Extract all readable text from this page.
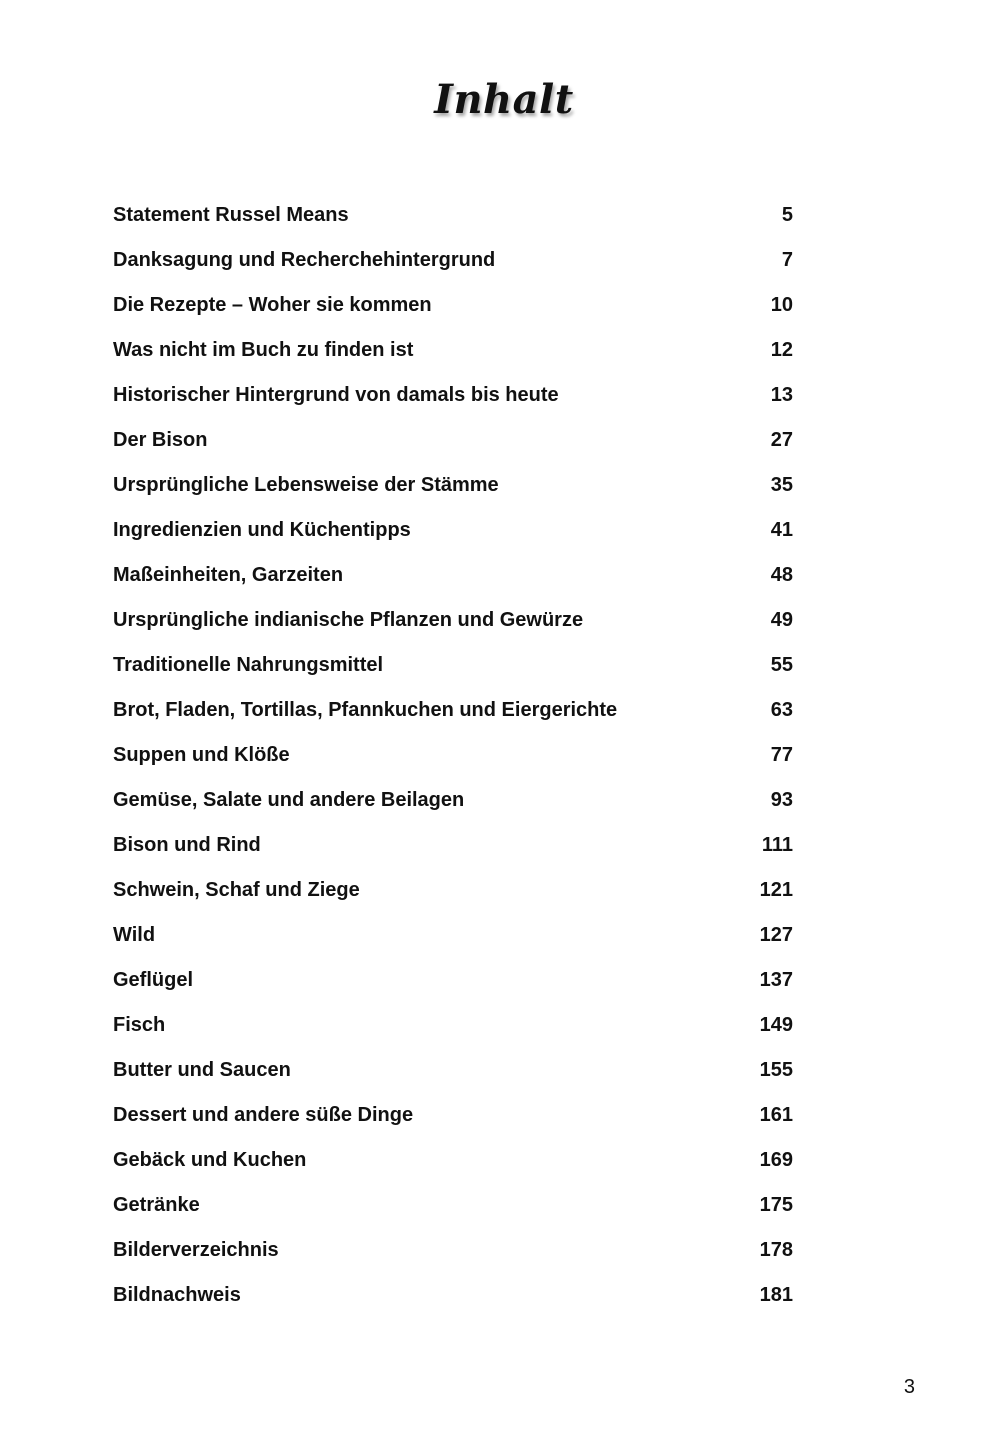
Inhalt
Statement Russel Means	5
Danksagung und Recherchehintergrund	7
Die Rezepte – Woher sie kommen	10
Was nicht im Buch zu finden ist	12
Historischer Hintergrund von damals bis heute	13
Der Bison	27
Ursprüngliche Lebensweise der Stämme	35
Ingredienzien und Küchentipps	41
Maßeinheiten, Garzeiten	48
Ursprüngliche indianische Pflanzen und Gewürze	49
Traditionelle Nahrungsmittel	55
Brot, Fladen, Tortillas, Pfannkuchen und Eiergerichte	63
Suppen und Klöße	77
Gemüse, Salate und andere Beilagen	93
Bison und Rind	111
Schwein, Schaf und Ziege	121
Wild	127
Geflügel	137
Fisch	149
Butter und Saucen	155
Dessert und andere süße Dinge	161
Gebäck und Kuchen	169
Getränke	175
Bilderverzeichnis	178
Bildnachweis	181
3
